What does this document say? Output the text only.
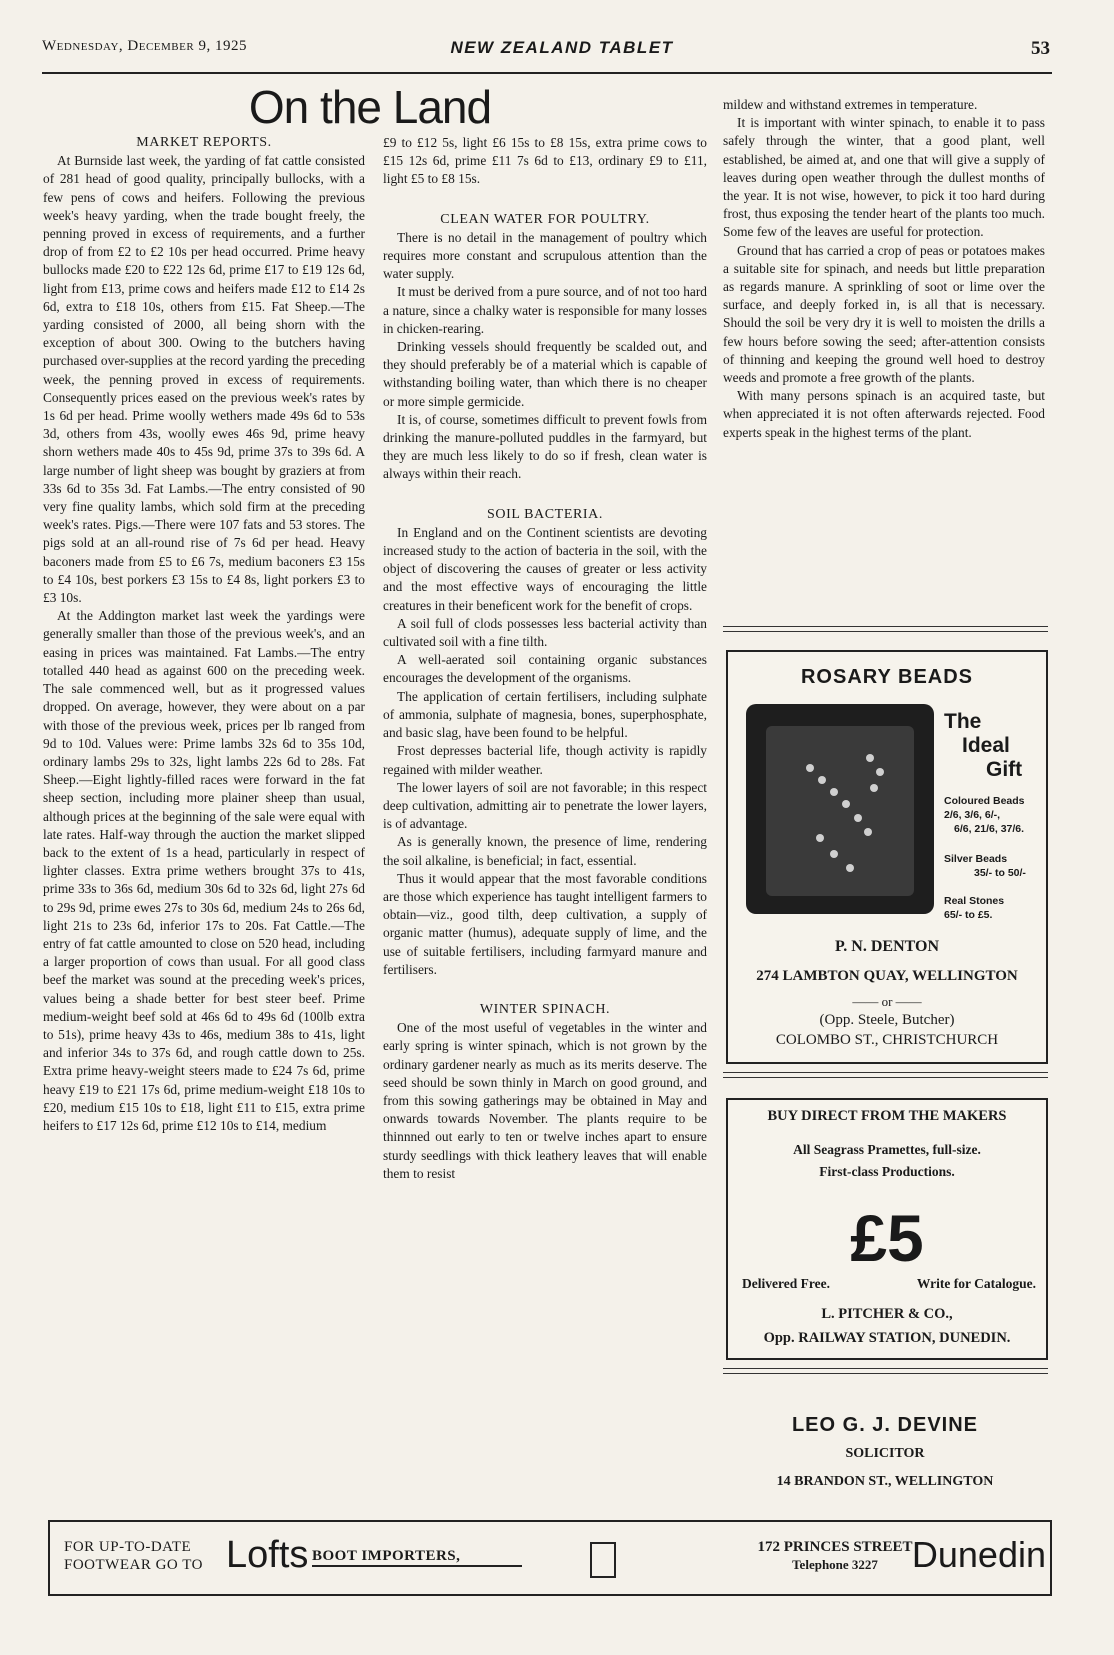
Wednesday, December 9, 1925	NEW ZEALAND TABLET	53
On the Land
MARKET REPORTS.

At Burnside last week, the yarding of fat cattle consisted of 281 head of good quality, principally bullocks, with a few pens of cows and heifers. Following the previous week's heavy yarding, when the trade bought freely, the penning proved in excess of requirements, and a further drop of from £2 to £2 10s per head occurred. Prime heavy bullocks made £20 to £22 12s 6d, prime £17 to £19 12s 6d, light from £13, prime cows and heifers made £12 to £14 2s 6d, extra to £18 10s, others from £15. Fat Sheep.—The yarding consisted of 2000, all being shorn with the exception of about 300. Owing to the butchers having purchased over-supplies at the record yarding the preceding week, the penning proved in excess of requirements. Consequently prices eased on the previous week's rates by 1s 6d per head. Prime woolly wethers made 49s 6d to 53s 3d, others from 43s, woolly ewes 46s 9d, prime heavy shorn wethers made 40s to 45s 9d, prime 37s to 39s 6d. A large number of light sheep was bought by graziers at from 33s 6d to 35s 3d. Fat Lambs.—The entry consisted of 90 very fine quality lambs, which sold firm at the preceding week's rates. Pigs.—There were 107 fats and 53 stores. The pigs sold at an all-round rise of 7s 6d per head. Heavy baconers made from £5 to £6 7s, medium baconers £3 15s to £4 10s, best porkers £3 15s to £4 8s, light porkers £3 to £3 10s.

At the Addington market last week the yardings were generally smaller than those of the previous week's, and an easing in prices was maintained. Fat Lambs.—The entry totalled 440 head as against 600 on the preceding week. The sale commenced well, but as it progressed values dropped. On average, however, they were about on a par with those of the previous week, prices per lb ranged from 9d to 10d. Values were: Prime lambs 32s 6d to 35s 10d, ordinary lambs 29s to 32s, light lambs 22s 6d to 28s. Fat Sheep.—Eight lightly-filled races were forward in the fat sheep section, including more plainer sheep than usual, although prices at the beginning of the sale were equal with late rates. Half-way through the auction the market slipped back to the extent of 1s a head, particularly in respect of lighter classes. Extra prime wethers brought 37s to 41s, prime 33s to 36s 6d, medium 30s 6d to 32s 6d, light 27s 6d to 29s 9d, prime ewes 27s to 30s 6d, medium 24s to 26s 6d, light 21s to 23s 6d, inferior 17s to 20s. Fat Cattle.—The entry of fat cattle amounted to close on 520 head, including a larger proportion of cows than usual. For all good class beef the market was sound at the preceding week's prices, values being a shade better for best steer beef. Prime medium-weight beef sold at 46s 6d to 49s 6d (100lb extra to 51s), prime heavy 43s to 46s, medium 38s to 41s, light and inferior 34s to 37s 6d, and rough cattle down to 25s. Extra prime heavy-weight steers made to £24 7s 6d, prime heavy £19 to £21 17s 6d, prime medium-weight £18 10s to £20, medium £15 10s to £18, light £11 to £15, extra prime heifers to £17 12s 6d, prime £12 10s to £14, medium

£9 to £12 5s, light £6 15s to £8 15s, extra prime cows to £15 12s 6d, prime £11 7s 6d to £13, ordinary £9 to £11, light £5 to £8 15s.

CLEAN WATER FOR POULTRY.

There is no detail in the management of poultry which requires more constant and scrupulous attention than the water supply.

It must be derived from a pure source, and of not too hard a nature, since a chalky water is responsible for many losses in chicken-rearing.

Drinking vessels should frequently be scalded out, and they should preferably be of a material which is capable of withstanding boiling water, than which there is no cheaper or more simple germicide.

It is, of course, sometimes difficult to prevent fowls from drinking the manure-polluted puddles in the farmyard, but they are much less likely to do so if fresh, clean water is always within their reach.

SOIL BACTERIA.

In England and on the Continent scientists are devoting increased study to the action of bacteria in the soil, with the object of discovering the causes of greater or less activity and the most effective ways of encouraging the little creatures in their beneficent work for the benefit of crops.

A soil full of clods possesses less bacterial activity than cultivated soil with a fine tilth.

A well-aerated soil containing organic substances encourages the development of the organisms.

The application of certain fertilisers, including sulphate of ammonia, sulphate of magnesia, bones, superphosphate, and basic slag, have been found to be helpful.

Frost depresses bacterial life, though activity is rapidly regained with milder weather.

The lower layers of soil are not favorable; in this respect deep cultivation, admitting air to penetrate the lower layers, is of advantage.

As is generally known, the presence of lime, rendering the soil alkaline, is beneficial; in fact, essential.

Thus it would appear that the most favorable conditions are those which experience has taught intelligent farmers to obtain—viz., good tilth, deep cultivation, a supply of organic matter (humus), adequate supply of lime, and the use of suitable fertilisers, including farmyard manure and fertilisers.

WINTER SPINACH.

One of the most useful of vegetables in the winter and early spring is winter spinach, which is not grown by the ordinary gardener nearly as much as its merits deserve. The seed should be sown thinly in March on good ground, and from this sowing gatherings may be obtained in May and onwards towards November. The plants require to be thinnned out early to ten or twelve inches apart to ensure sturdy seedlings with thick leathery leaves that will enable them to resist

mildew and withstand extremes in temperature.

It is important with winter spinach, to enable it to pass safely through the winter, that a good plant, well established, be aimed at, and one that will give a supply of leaves during open weather through the dullest months of the year. It is not wise, however, to pick it too hard during frost, thus exposing the tender heart of the plants too much. Some few of the leaves are useful for protection.

Ground that has carried a crop of peas or potatoes makes a suitable site for spinach, and needs but little preparation as regards manure. A sprinkling of soot or lime over the surface, and deeply forked in, is all that is necessary. Should the soil be very dry it is well to moisten the drills a few hours before sowing the seed; after-attention consists of thinning and keeping the ground well hoed to destroy weeds and promote a free growth of the plants.

With many persons spinach is an acquired taste, but when appreciated it is not often afterwards rejected. Food experts speak in the highest terms of the plant.

ROSARY BEADS
The
Ideal
Gift
Coloured Beads
2/6, 3/6, 6/-,
6/6, 21/6, 37/6.
Silver Beads
35/- to 50/-
Real Stones
65/- to £5.
P. N. DENTON
274 LAMBTON QUAY, WELLINGTON
—— or ——
(Opp. Steele, Butcher)
COLOMBO ST., CHRISTCHURCH
BUY DIRECT FROM THE MAKERS
All Seagrass Pramettes, full-size.
First-class Productions.
£5
Delivered Free.	Write for Catalogue.
L. PITCHER & CO.,
Opp. RAILWAY STATION, DUNEDIN.
LEO G. J. DEVINE
SOLICITOR
14 BRANDON ST., WELLINGTON
FOR UP-TO-DATE
FOOTWEAR GO TO Lofts BOOT IMPORTERS,
172 PRINCES STREET
Telephone 3227 Dunedin
